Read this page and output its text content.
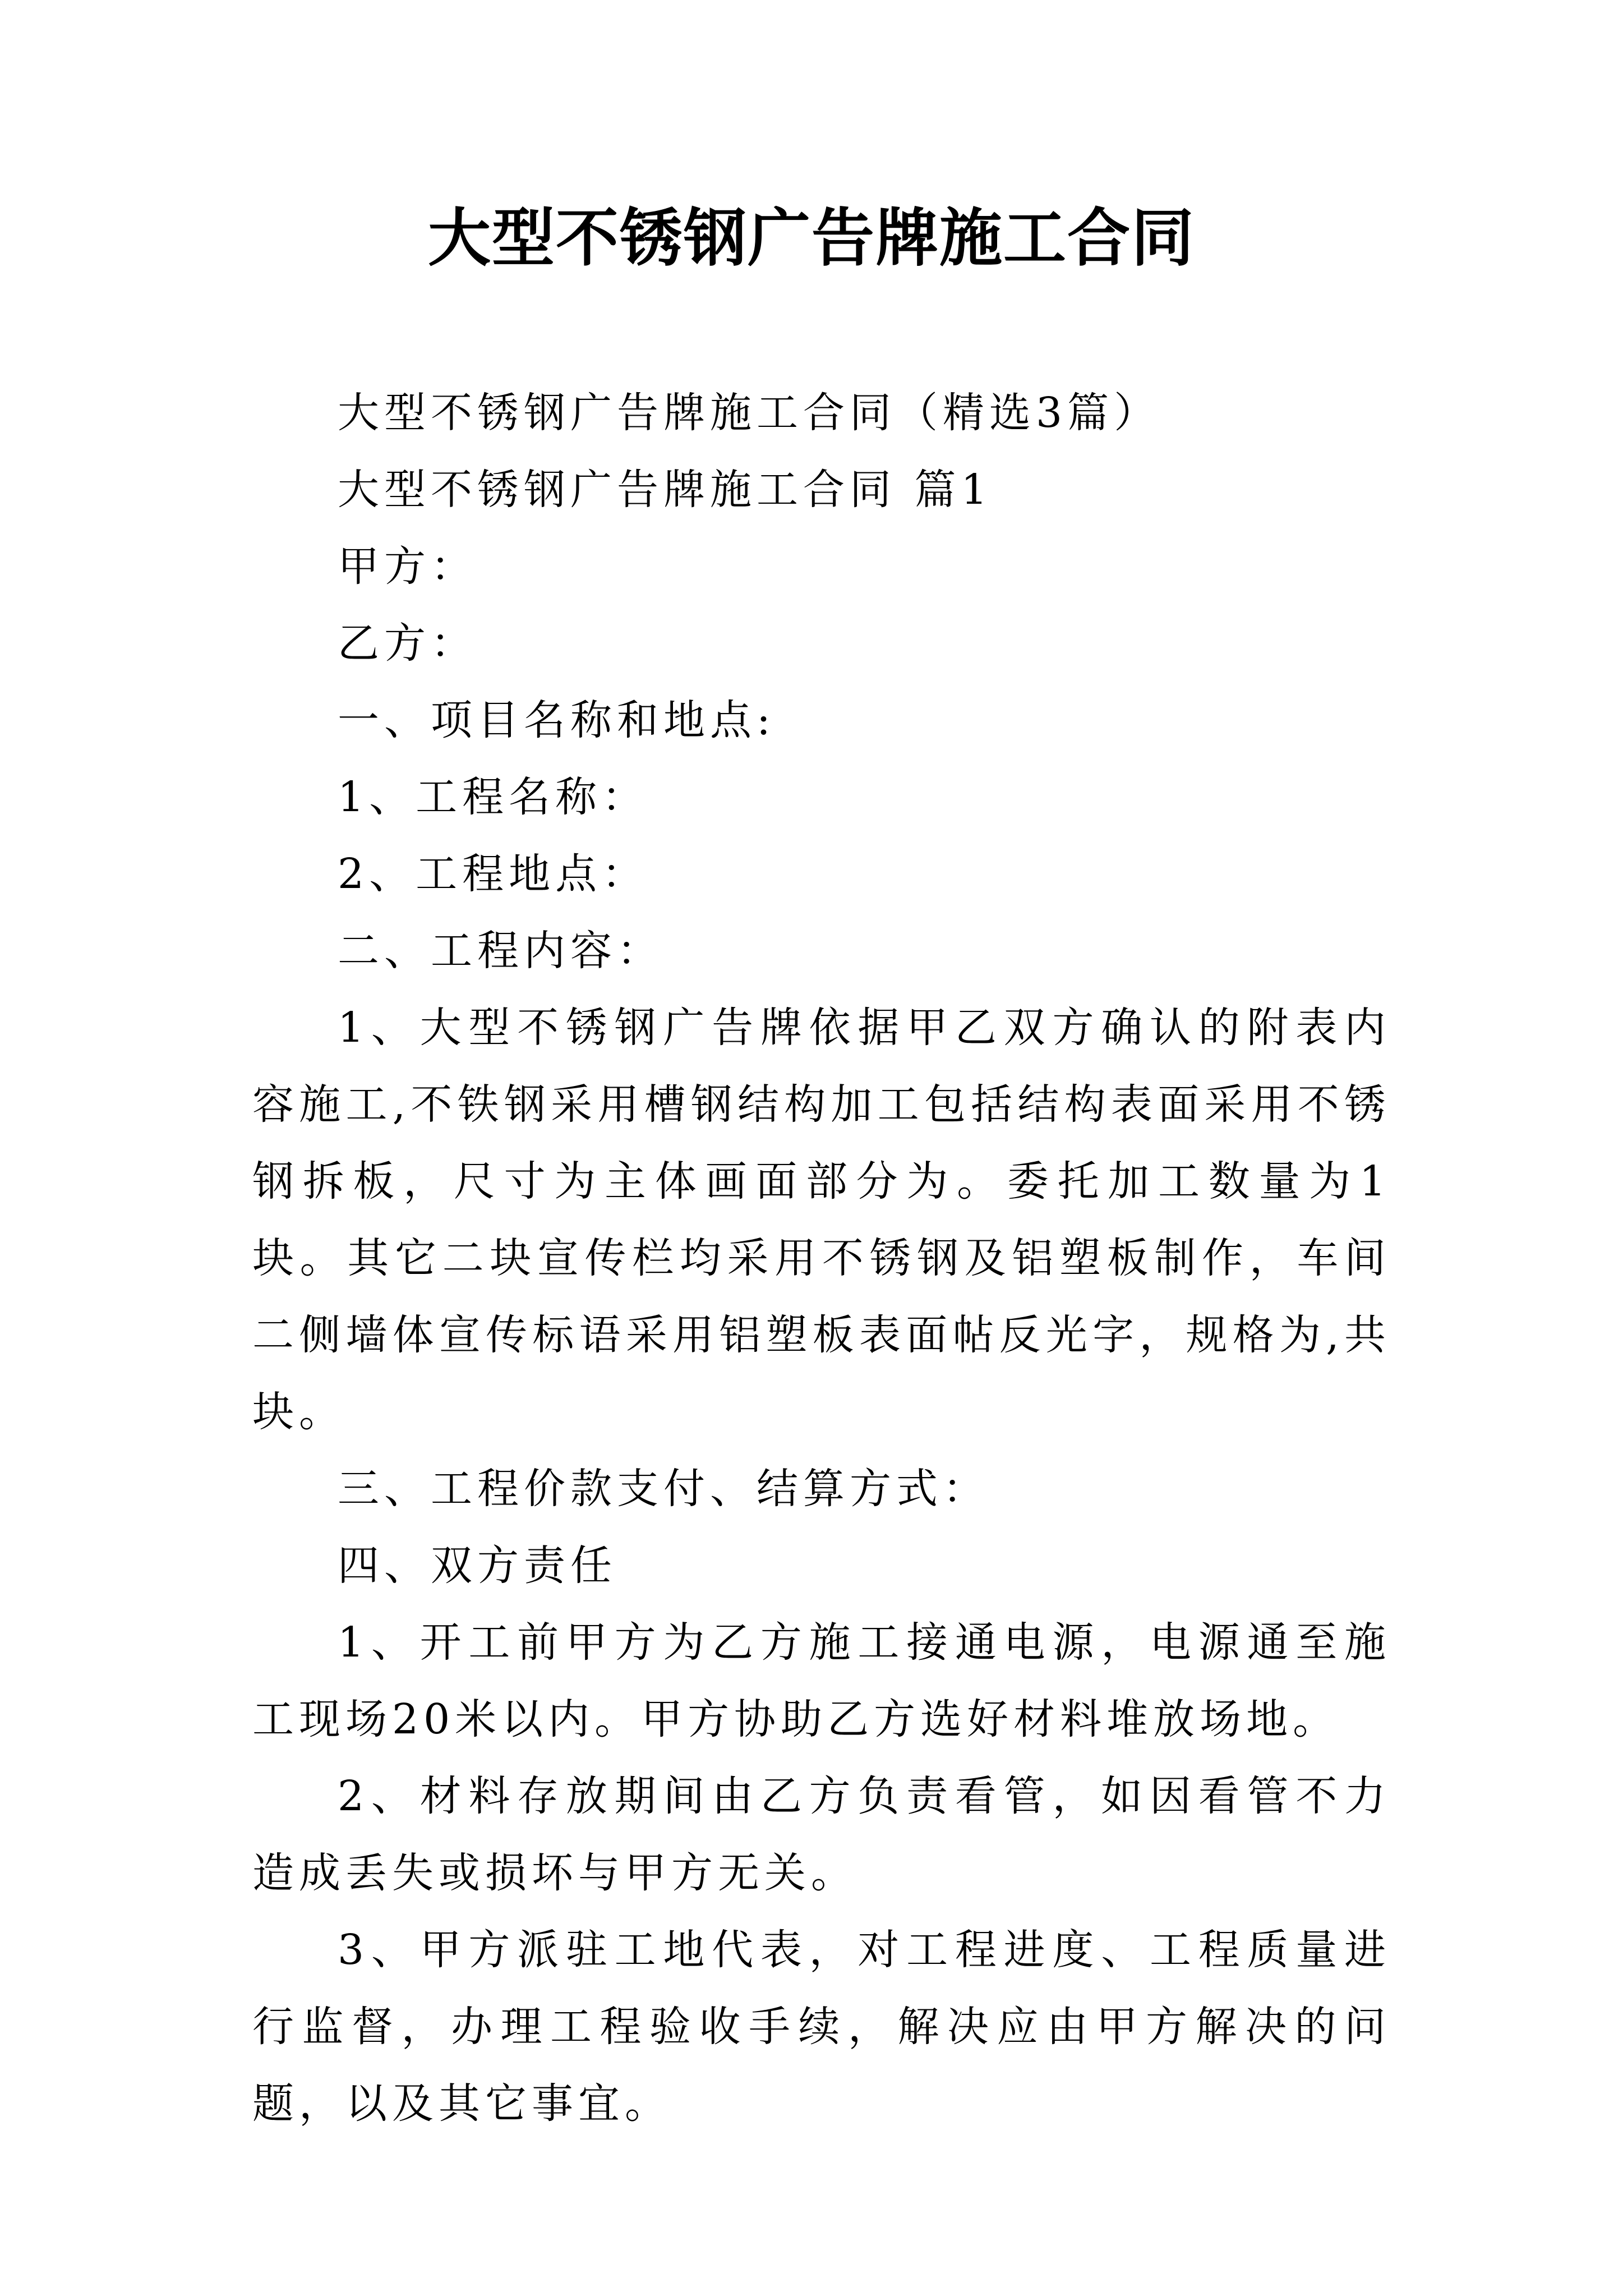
大型不锈钢广告牌施工合同

大型不锈钢广告牌施工合同（精选3篇）

大型不锈钢广告牌施工合同 篇1

甲方：

乙方：

一、项目名称和地点:

1、工程名称：

2、工程地点：

二、工程内容：

1、大型不锈钢广告牌依据甲乙双方确认的附表内容施工,不铁钢采用槽钢结构加工包括结构表面采用不锈钢拆板，尺寸为主体画面部分为。委托加工数量为1块。其它二块宣传栏均采用不锈钢及铝塑板制作，车间二侧墙体宣传标语采用铝塑板表面帖反光字，规格为,共块。

三、工程价款支付、结算方式：

四、双方责任

1、开工前甲方为乙方施工接通电源，电源通至施工现场20米以内。甲方协助乙方选好材料堆放场地。

2、材料存放期间由乙方负责看管，如因看管不力造成丢失或损坏与甲方无关。

3、甲方派驻工地代表，对工程进度、工程质量进行监督，办理工程验收手续，解决应由甲方解决的问题，以及其它事宜。
